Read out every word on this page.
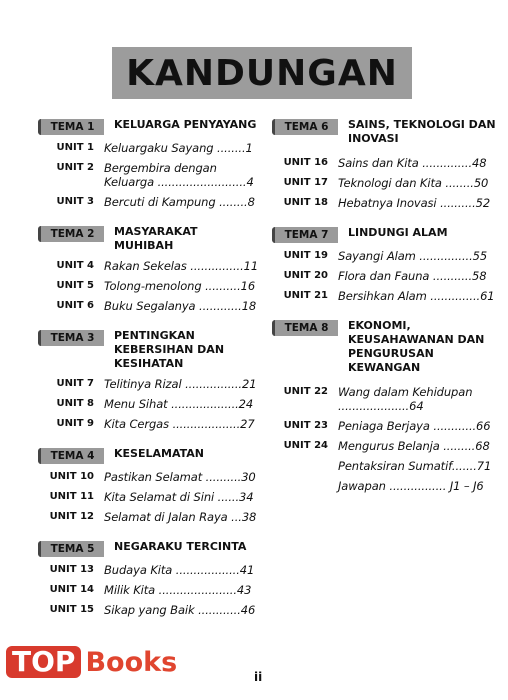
KANDUNGAN
TEMA 1	KELUARGA PENYAYANG
UNIT 1 Keluargaku Sayang ........1
UNIT 2 Bergembira dengan Keluarga .........................4
UNIT 3 Bercuti di Kampung ........8
TEMA 2	MASYARAKAT MUHIBAH
UNIT 4 Rakan Sekelas ...............11
UNIT 5 Tolong-menolong ..........16
UNIT 6 Buku Segalanya ............18
TEMA 3	PENTINGKAN KEBERSIHAN DAN KESIHATAN
UNIT 7 Telitinya Rizal ................21
UNIT 8 Menu Sihat ...................24
UNIT 9 Kita Cergas ...................27
TEMA 4	KESELAMATAN
UNIT 10 Pastikan Selamat ..........30
UNIT 11 Kita Selamat di Sini ......34
UNIT 12 Selamat di Jalan Raya ...38
TEMA 5	NEGARAKU TERCINTA
UNIT 13 Budaya Kita ..................41
UNIT 14 Milik Kita ......................43
UNIT 15 Sikap yang Baik ............46
TEMA 6	SAINS, TEKNOLOGI DAN INOVASI
UNIT 16 Sains dan Kita ..............48
UNIT 17 Teknologi dan Kita ........50
UNIT 18 Hebatnya Inovasi ..........52
TEMA 7	LINDUNGI ALAM
UNIT 19 Sayangi Alam ...............55
UNIT 20 Flora dan Fauna ...........58
UNIT 21 Bersihkan Alam ..............61
TEMA 8	EKONOMI, KEUSAHAWANAN DAN PENGURUSAN KEWANGAN
UNIT 22 Wang dalam Kehidupan ....................64
UNIT 23 Peniaga Berjaya ............66
UNIT 24 Mengurus Belanja .........68
Pentaksiran Sumatif.......71
Jawapan ................ J1 – J6
TOP Books	ii
